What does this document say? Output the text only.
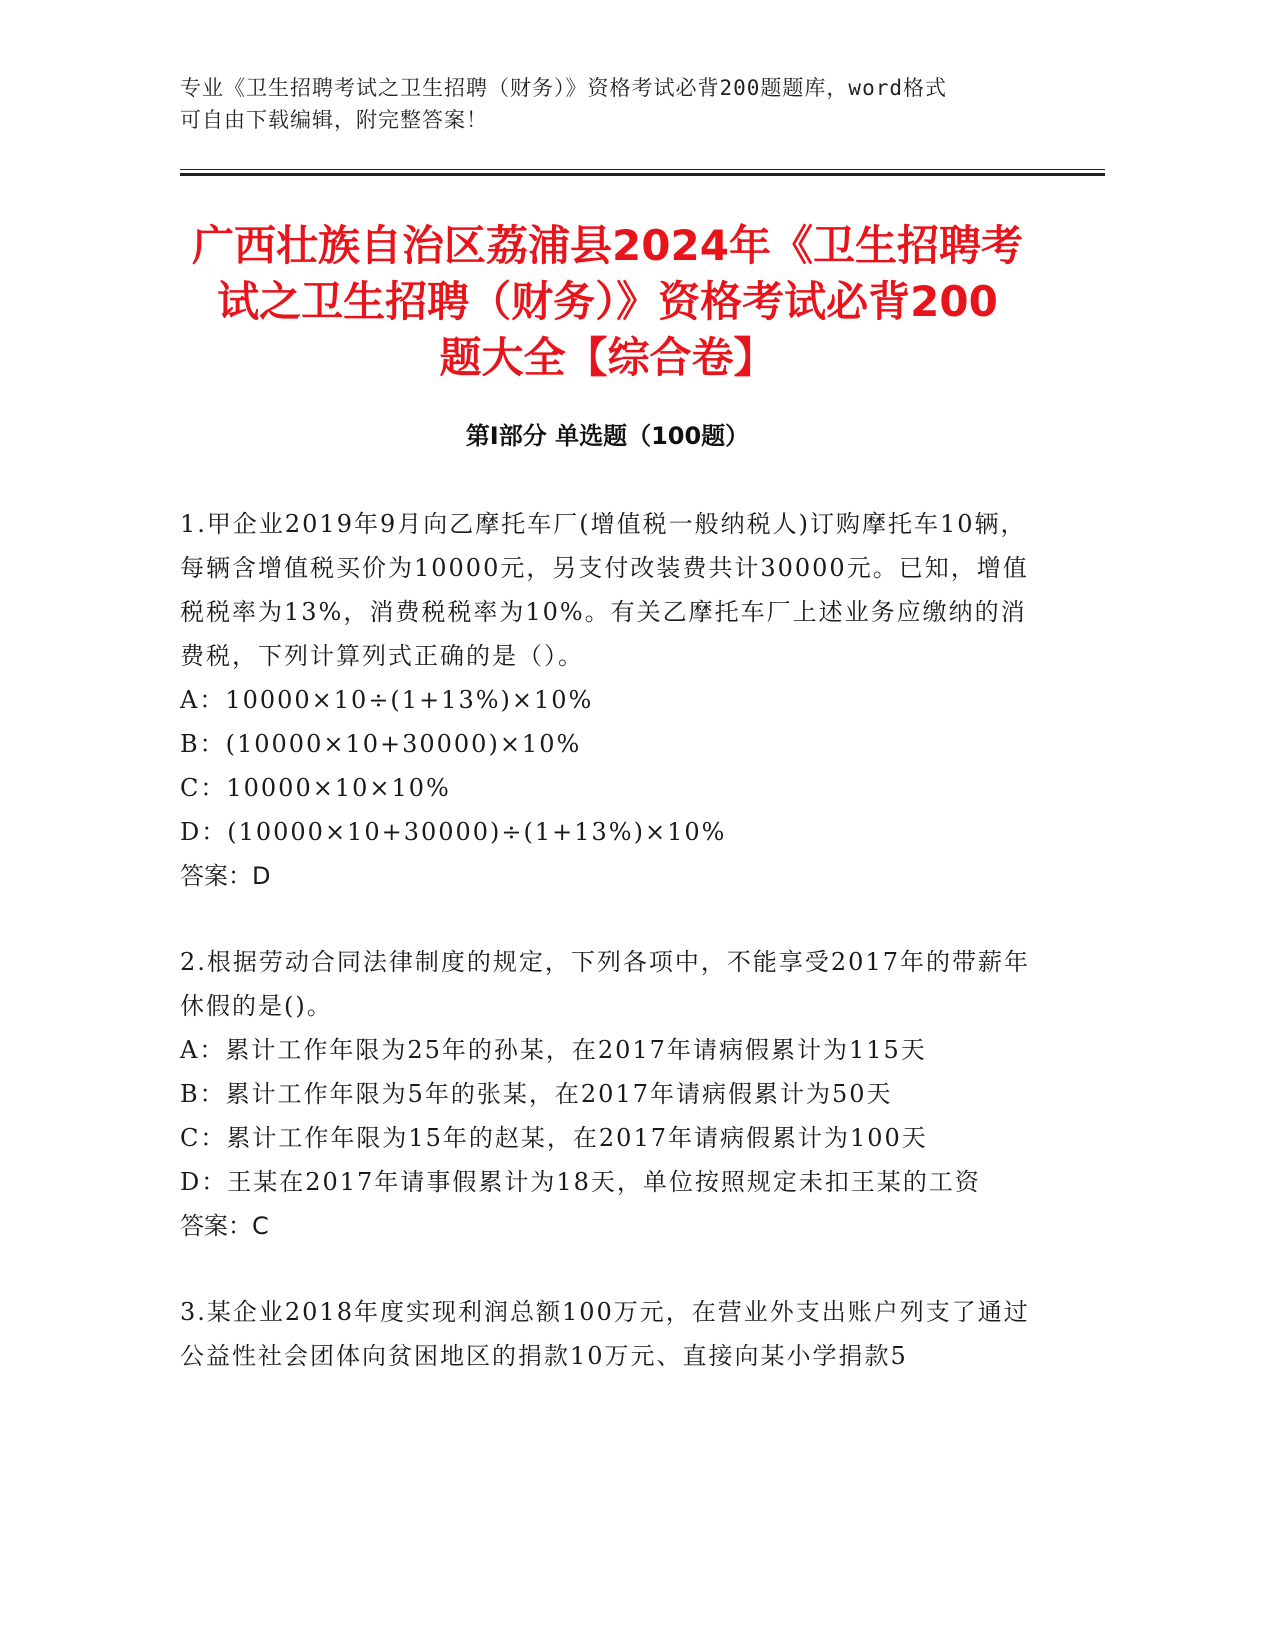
专业《卫生招聘考试之卫生招聘（财务）》资格考试必背200题题库，word格式
可自由下载编辑，附完整答案！
广西壮族自治区荔浦县2024年《卫生招聘考
试之卫生招聘（财务）》资格考试必背200
题大全【综合卷】
第Ⅰ部分 单选题（100题）

1.甲企业2019年9月向乙摩托车厂(增值税一般纳税人)订购摩托车10辆，每辆含增值税买价为10000元，另支付改装费共计30000元。已知，增值税税率为13%，消费税税率为10%。有关乙摩托车厂上述业务应缴纳的消费税，下列计算列式正确的是（）。

A：10000×10÷(1+13%)×10%

B：(10000×10+30000)×10%

C：10000×10×10%

D：(10000×10+30000)÷(1+13%)×10%

答案：D

2.根据劳动合同法律制度的规定，下列各项中，不能享受2017年的带薪年休假的是()。

A：累计工作年限为25年的孙某，在2017年请病假累计为115天

B：累计工作年限为5年的张某，在2017年请病假累计为50天

C：累计工作年限为15年的赵某，在2017年请病假累计为100天

D：王某在2017年请事假累计为18天，单位按照规定未扣王某的工资

答案：C

3.某企业2018年度实现利润总额100万元，在营业外支出账户列支了通过公益性社会团体向贫困地区的捐款10万元、直接向某小学捐款5
